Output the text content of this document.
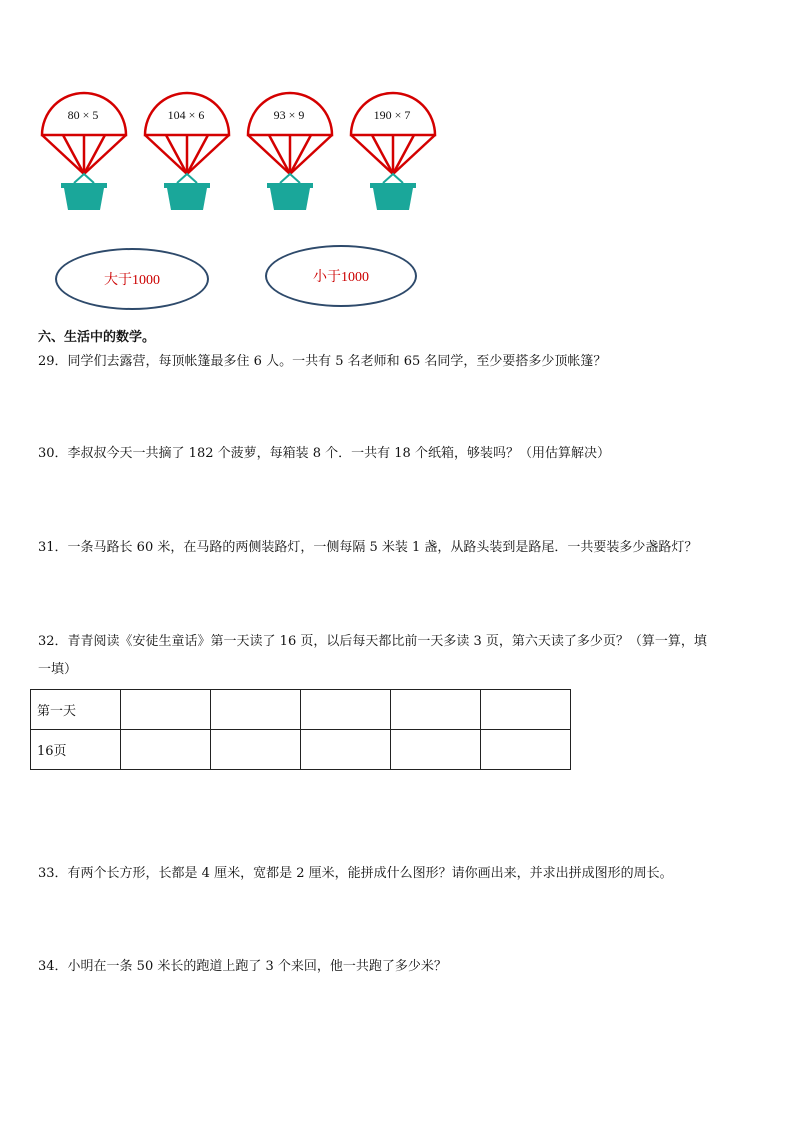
80 × 5	104 × 6	93 × 9	190 × 7
大于1000	小于1000
六、生活中的数学。
29．同学们去露营，每顶帐篷最多住 6 人。一共有 5 名老师和 65 名同学，至少要搭多少顶帐篷？
30．李叔叔今天一共摘了 182 个菠萝，每箱装 8 个．一共有 18 个纸箱，够装吗？（用估算解决）
31．一条马路长 60 米，在马路的两侧装路灯，一侧每隔 5 米装 1 盏，从路头装到是路尾．一共要装多少盏路灯？
32．青青阅读《安徒生童话》第一天读了 16 页，以后每天都比前一天多读 3 页，第六天读了多少页？（算一算，填
一填）
第一天					
16页					
33．有两个长方形，长都是 4 厘米，宽都是 2 厘米，能拼成什么图形？请你画出来，并求出拼成图形的周长。
34．小明在一条 50 米长的跑道上跑了 3 个来回，他一共跑了多少米？
